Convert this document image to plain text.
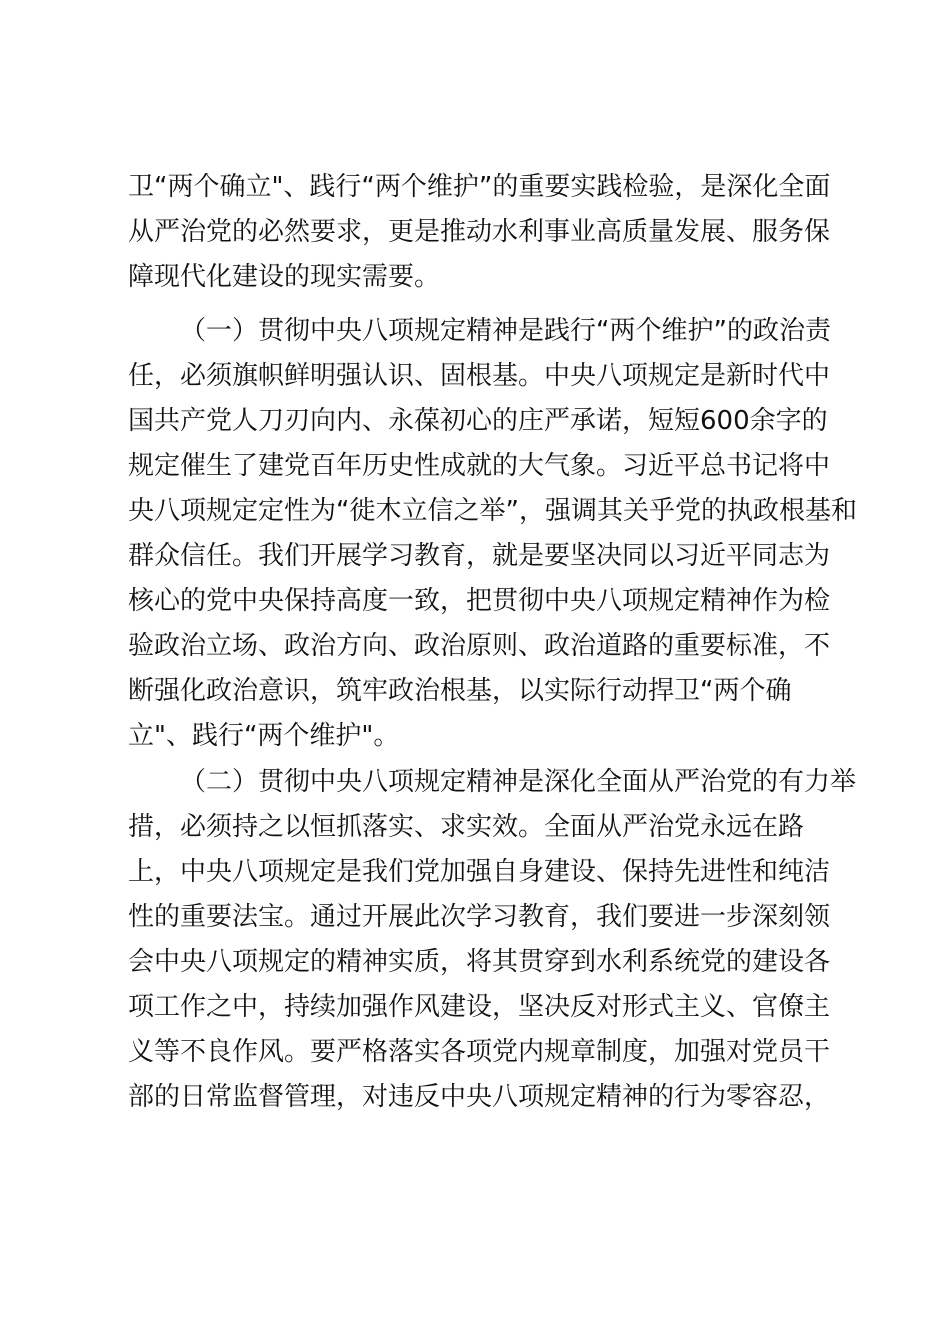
卫“两个确立"、践行“两个维护”的重要实践检验，是深化全面
从严治党的必然要求，更是推动水利事业高质量发展、服务保
障现代化建设的现实需要。
（一）贯彻中央八项规定精神是践行“两个维护”的政治责
任，必须旗帜鲜明强认识、固根基。中央八项规定是新时代中
国共产党人刀刃向内、永葆初心的庄严承诺，短短600余字的
规定催生了建党百年历史性成就的大气象。习近平总书记将中
央八项规定定性为“徙木立信之举”，强调其关乎党的执政根基和
群众信任。我们开展学习教育，就是要坚决同以习近平同志为
核心的党中央保持高度一致，把贯彻中央八项规定精神作为检
验政治立场、政治方向、政治原则、政治道路的重要标准，不
断强化政治意识，筑牢政治根基，以实际行动捍卫“两个确
立"、践行“两个维护"。
（二）贯彻中央八项规定精神是深化全面从严治党的有力举
措，必须持之以恒抓落实、求实效。全面从严治党永远在路
上，中央八项规定是我们党加强自身建设、保持先进性和纯洁
性的重要法宝。通过开展此次学习教育，我们要进一步深刻领
会中央八项规定的精神实质，将其贯穿到水利系统党的建设各
项工作之中，持续加强作风建设，坚决反对形式主义、官僚主
义等不良作风。要严格落实各项党内规章制度，加强对党员干
部的日常监督管理，对违反中央八项规定精神的行为零容忍，
